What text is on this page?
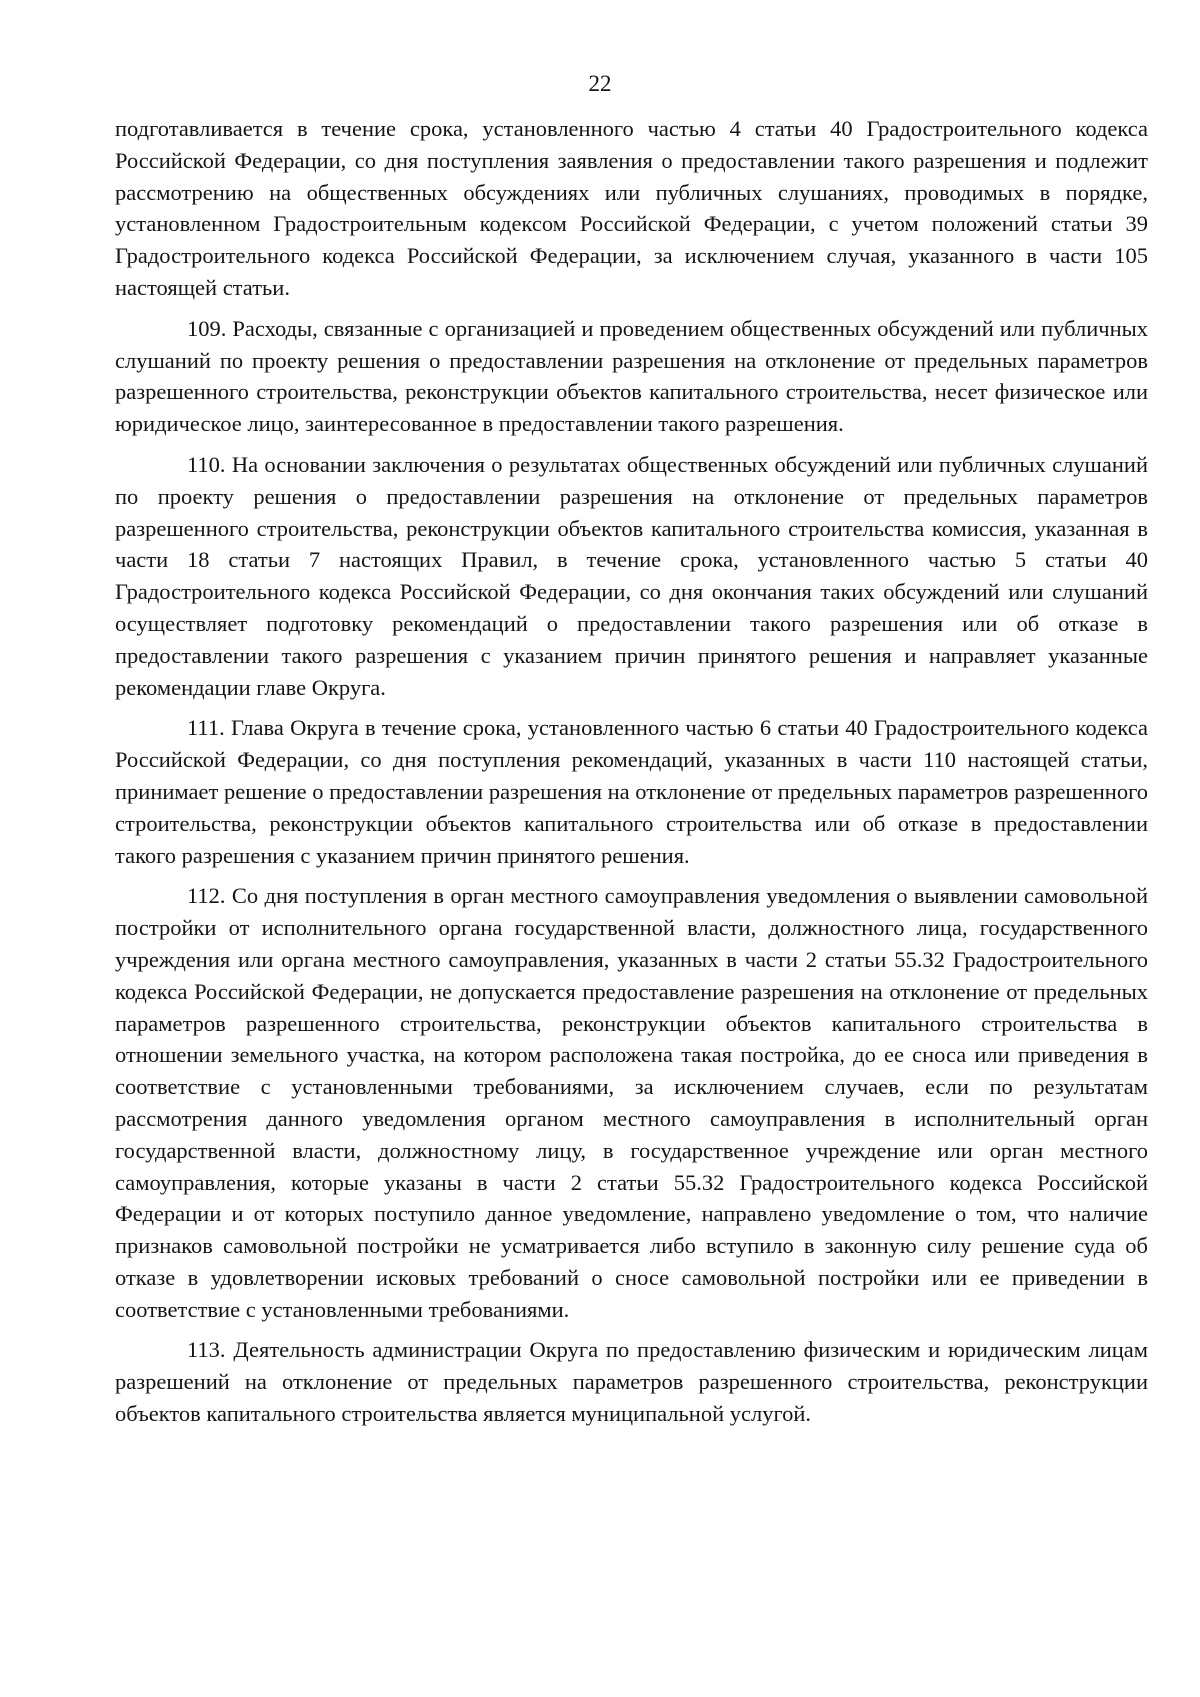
22

подготавливается в течение срока, установленного частью 4 статьи 40 Градостроительного кодекса Российской Федерации, со дня поступления заявления о предоставлении такого разрешения и подлежит рассмотрению на общественных обсуждениях или публичных слушаниях, проводимых в порядке, установленном Градостроительным кодексом Российской Федерации, с учетом положений статьи 39 Градостроительного кодекса Российской Федерации, за исключением случая, указанного в части 105 настоящей статьи.

109. Расходы, связанные с организацией и проведением общественных обсуждений или публичных слушаний по проекту решения о предоставлении разрешения на отклонение от предельных параметров разрешенного строительства, реконструкции объектов капитального строительства, несет физическое или юридическое лицо, заинтересованное в предоставлении такого разрешения.

110. На основании заключения о результатах общественных обсуждений или публичных слушаний по проекту решения о предоставлении разрешения на отклонение от предельных параметров разрешенного строительства, реконструкции объектов капитального строительства комиссия, указанная в части 18 статьи 7 настоящих Правил, в течение срока, установленного частью 5 статьи 40 Градостроительного кодекса Российской Федерации, со дня окончания таких обсуждений или слушаний осуществляет подготовку рекомендаций о предоставлении такого разрешения или об отказе в предоставлении такого разрешения с указанием причин принятого решения и направляет указанные рекомендации главе Округа.

111. Глава Округа в течение срока, установленного частью 6 статьи 40 Градостроительного кодекса Российской Федерации, со дня поступления рекомендаций, указанных в части 110 настоящей статьи, принимает решение о предоставлении разрешения на отклонение от предельных параметров разрешенного строительства, реконструкции объектов капитального строительства или об отказе в предоставлении такого разрешения с указанием причин принятого решения.

112. Со дня поступления в орган местного самоуправления уведомления о выявлении самовольной постройки от исполнительного органа государственной власти, должностного лица, государственного учреждения или органа местного самоуправления, указанных в части 2 статьи 55.32 Градостроительного кодекса Российской Федерации, не допускается предоставление разрешения на отклонение от предельных параметров разрешенного строительства, реконструкции объектов капитального строительства в отношении земельного участка, на котором расположена такая постройка, до ее сноса или приведения в соответствие с установленными требованиями, за исключением случаев, если по результатам рассмотрения данного уведомления органом местного самоуправления в исполнительный орган государственной власти, должностному лицу, в государственное учреждение или орган местного самоуправления, которые указаны в части 2 статьи 55.32 Градостроительного кодекса Российской Федерации и от которых поступило данное уведомление, направлено уведомление о том, что наличие признаков самовольной постройки не усматривается либо вступило в законную силу решение суда об отказе в удовлетворении исковых требований о сносе самовольной постройки или ее приведении в соответствие с установленными требованиями.

113. Деятельность администрации Округа по предоставлению физическим и юридическим лицам разрешений на отклонение от предельных параметров разрешенного строительства, реконструкции объектов капитального строительства является муниципальной услугой.
